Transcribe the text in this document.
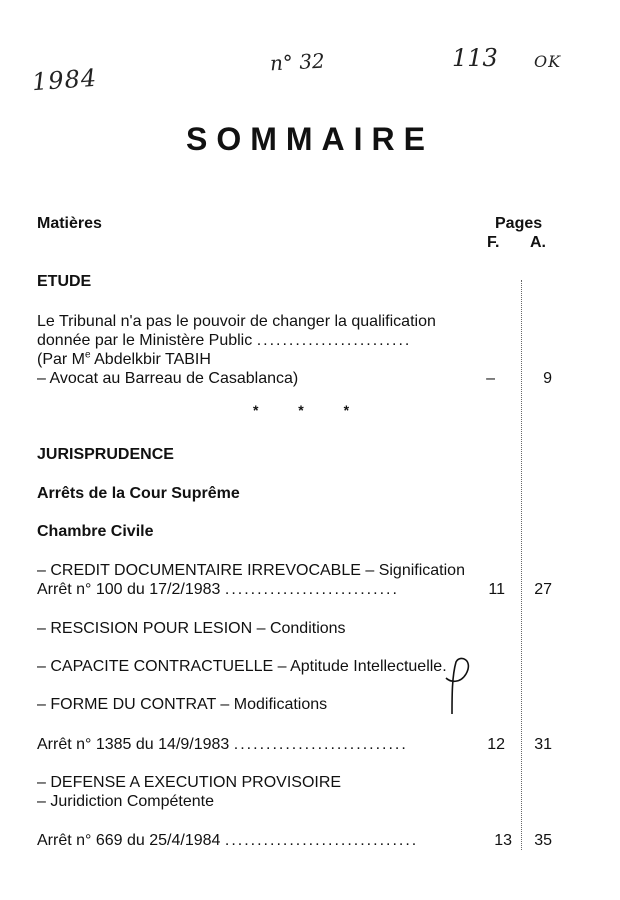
1984
n° 32	113 OK
SOMMAIRE
Matières	Pages
F. A.
ETUDE
Le Tribunal n'a pas le pouvoir de changer la qualification
donnée par le Ministère Public ........................
(Par Me Abdelkbir TABIH
– Avocat au Barreau de Casablanca)	–	9
* * *
JURISPRUDENCE
Arrêts de la Cour Suprême
Chambre Civile
– CREDIT DOCUMENTAIRE IRREVOCABLE – Signification
Arrêt n° 100 du 17/2/1983 ...........................	11	27
– RESCISION POUR LESION – Conditions
– CAPACITE CONTRACTUELLE – Aptitude Intellectuelle.
– FORME DU CONTRAT – Modifications
Arrêt n° 1385 du 14/9/1983 ...........................	12	31
– DEFENSE A EXECUTION PROVISOIRE
– Juridiction Compétente
Arrêt n° 669 du 25/4/1984 ..............................	13	35
